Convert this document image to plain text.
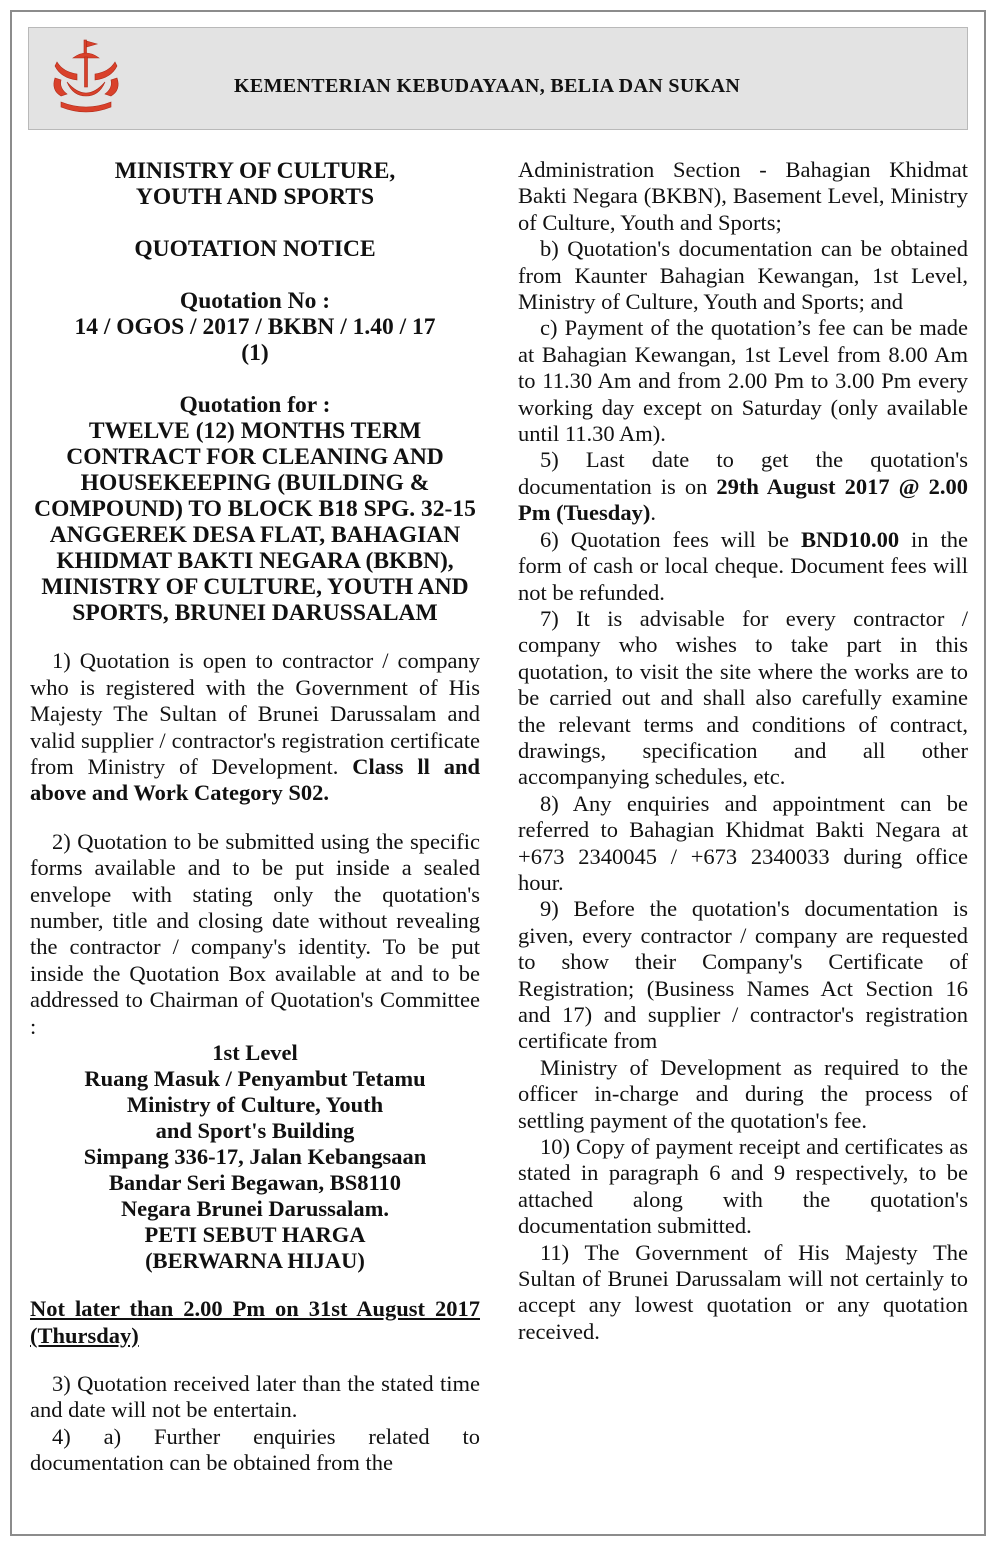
KEMENTERIAN KEBUDAYAAN, BELIA DAN SUKAN
MINISTRY OF CULTURE,
YOUTH AND SPORTS
QUOTATION NOTICE
Quotation No :
14 / OGOS / 2017 / BKBN / 1.40 / 17
(1)
Quotation for :
TWELVE (12) MONTHS TERM CONTRACT FOR CLEANING AND HOUSEKEEPING (BUILDING & COMPOUND) TO BLOCK B18 SPG. 32-15 ANGGEREK DESA FLAT, BAHAGIAN KHIDMAT BAKTI NEGARA (BKBN), MINISTRY OF CULTURE, YOUTH AND SPORTS, BRUNEI DARUSSALAM

1) Quotation is open to contractor / company who is registered with the Government of His Majesty The Sultan of Brunei Darussalam and valid supplier / contractor's registration certificate from Ministry of Development. Class ll and above and Work Category S02.

2) Quotation to be submitted using the specific forms available and to be put inside a sealed envelope with stating only the quotation's number, title and closing date without revealing the contractor / company's identity. To be put inside the Quotation Box available at and to be addressed to Chairman of Quotation's Committee :

1st Level
Ruang Masuk / Penyambut Tetamu
Ministry of Culture, Youth
and Sport's Building
Simpang 336-17, Jalan Kebangsaan
Bandar Seri Begawan, BS8110
Negara Brunei Darussalam.
PETI SEBUT HARGA
(BERWARNA HIJAU)
Not later than 2.00 Pm on 31st August 2017 (Thursday)

3) Quotation received later than the stated time and date will not be entertain.

4) a) Further enquiries related to documentation can be obtained from the

Administration Section - Bahagian Khidmat Bakti Negara (BKBN), Basement Level, Ministry of Culture, Youth and Sports;

b) Quotation's documentation can be obtained from Kaunter Bahagian Kewangan, 1st Level, Ministry of Culture, Youth and Sports; and

c) Payment of the quotation’s fee can be made at Bahagian Kewangan, 1st Level from 8.00 Am to 11.30 Am and from 2.00 Pm to 3.00 Pm every working day except on Saturday (only available until 11.30 Am).

5) Last date to get the quotation's documentation is on 29th August 2017 @ 2.00 Pm (Tuesday).

6) Quotation fees will be BND10.00 in the form of cash or local cheque. Document fees will not be refunded.

7) It is advisable for every contractor / company who wishes to take part in this quotation, to visit the site where the works are to be carried out and shall also carefully examine the relevant terms and conditions of contract, drawings, specification and all other accompanying schedules, etc.

8) Any enquiries and appointment can be referred to Bahagian Khidmat Bakti Negara at +673 2340045 / +673 2340033 during office hour.

9) Before the quotation's documentation is given, every contractor / company are requested to show their Company's Certificate of Registration; (Business Names Act Section 16 and 17) and supplier / contractor's registration certificate from

Ministry of Development as required to the officer in-charge and during the process of settling payment of the quotation's fee.

10) Copy of payment receipt and certificates as stated in paragraph 6 and 9 respectively, to be attached along with the quotation's documentation submitted.

11) The Government of His Majesty The Sultan of Brunei Darussalam will not certainly to accept any lowest quotation or any quotation received.
